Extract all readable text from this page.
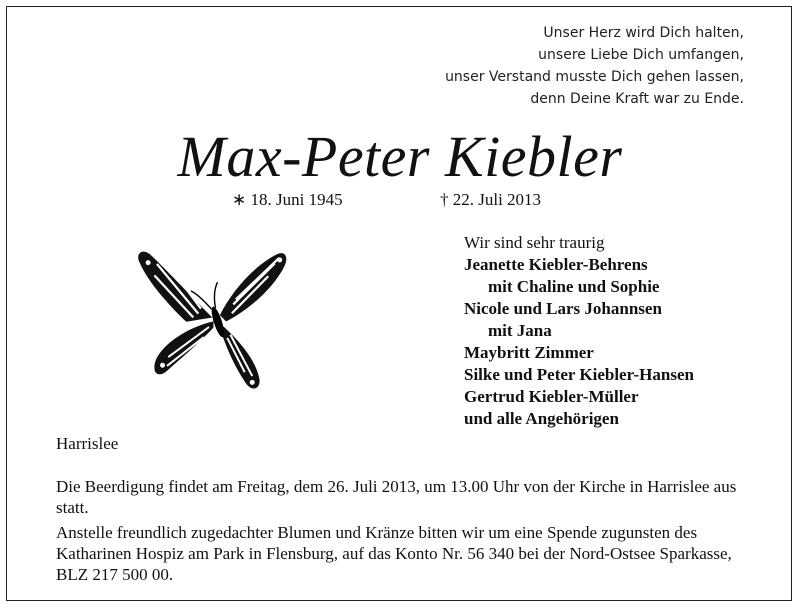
Unser Herz wird Dich halten,
unsere Liebe Dich umfangen,
unser Verstand musste Dich gehen lassen,
denn Deine Kraft war zu Ende.
Max-Peter Kiebler
∗ 18. Juni 1945	† 22. Juli 2013
Wir sind sehr traurig
Jeanette Kiebler-Behrens
mit Chaline und Sophie
Nicole und Lars Johannsen
mit Jana
Maybritt Zimmer
Silke und Peter Kiebler-Hansen
Gertrud Kiebler-Müller
und alle Angehörigen
Harrislee

Die Beerdigung findet am Freitag, dem 26. Juli 2013, um 13.00 Uhr von der Kirche in Harrislee aus statt.

Anstelle freundlich zugedachter Blumen und Kränze bitten wir um eine Spende zugunsten des Katharinen Hospiz am Park in Flensburg, auf das Konto Nr. 56 340 bei der Nord-Ostsee Sparkasse, BLZ 217 500 00.
